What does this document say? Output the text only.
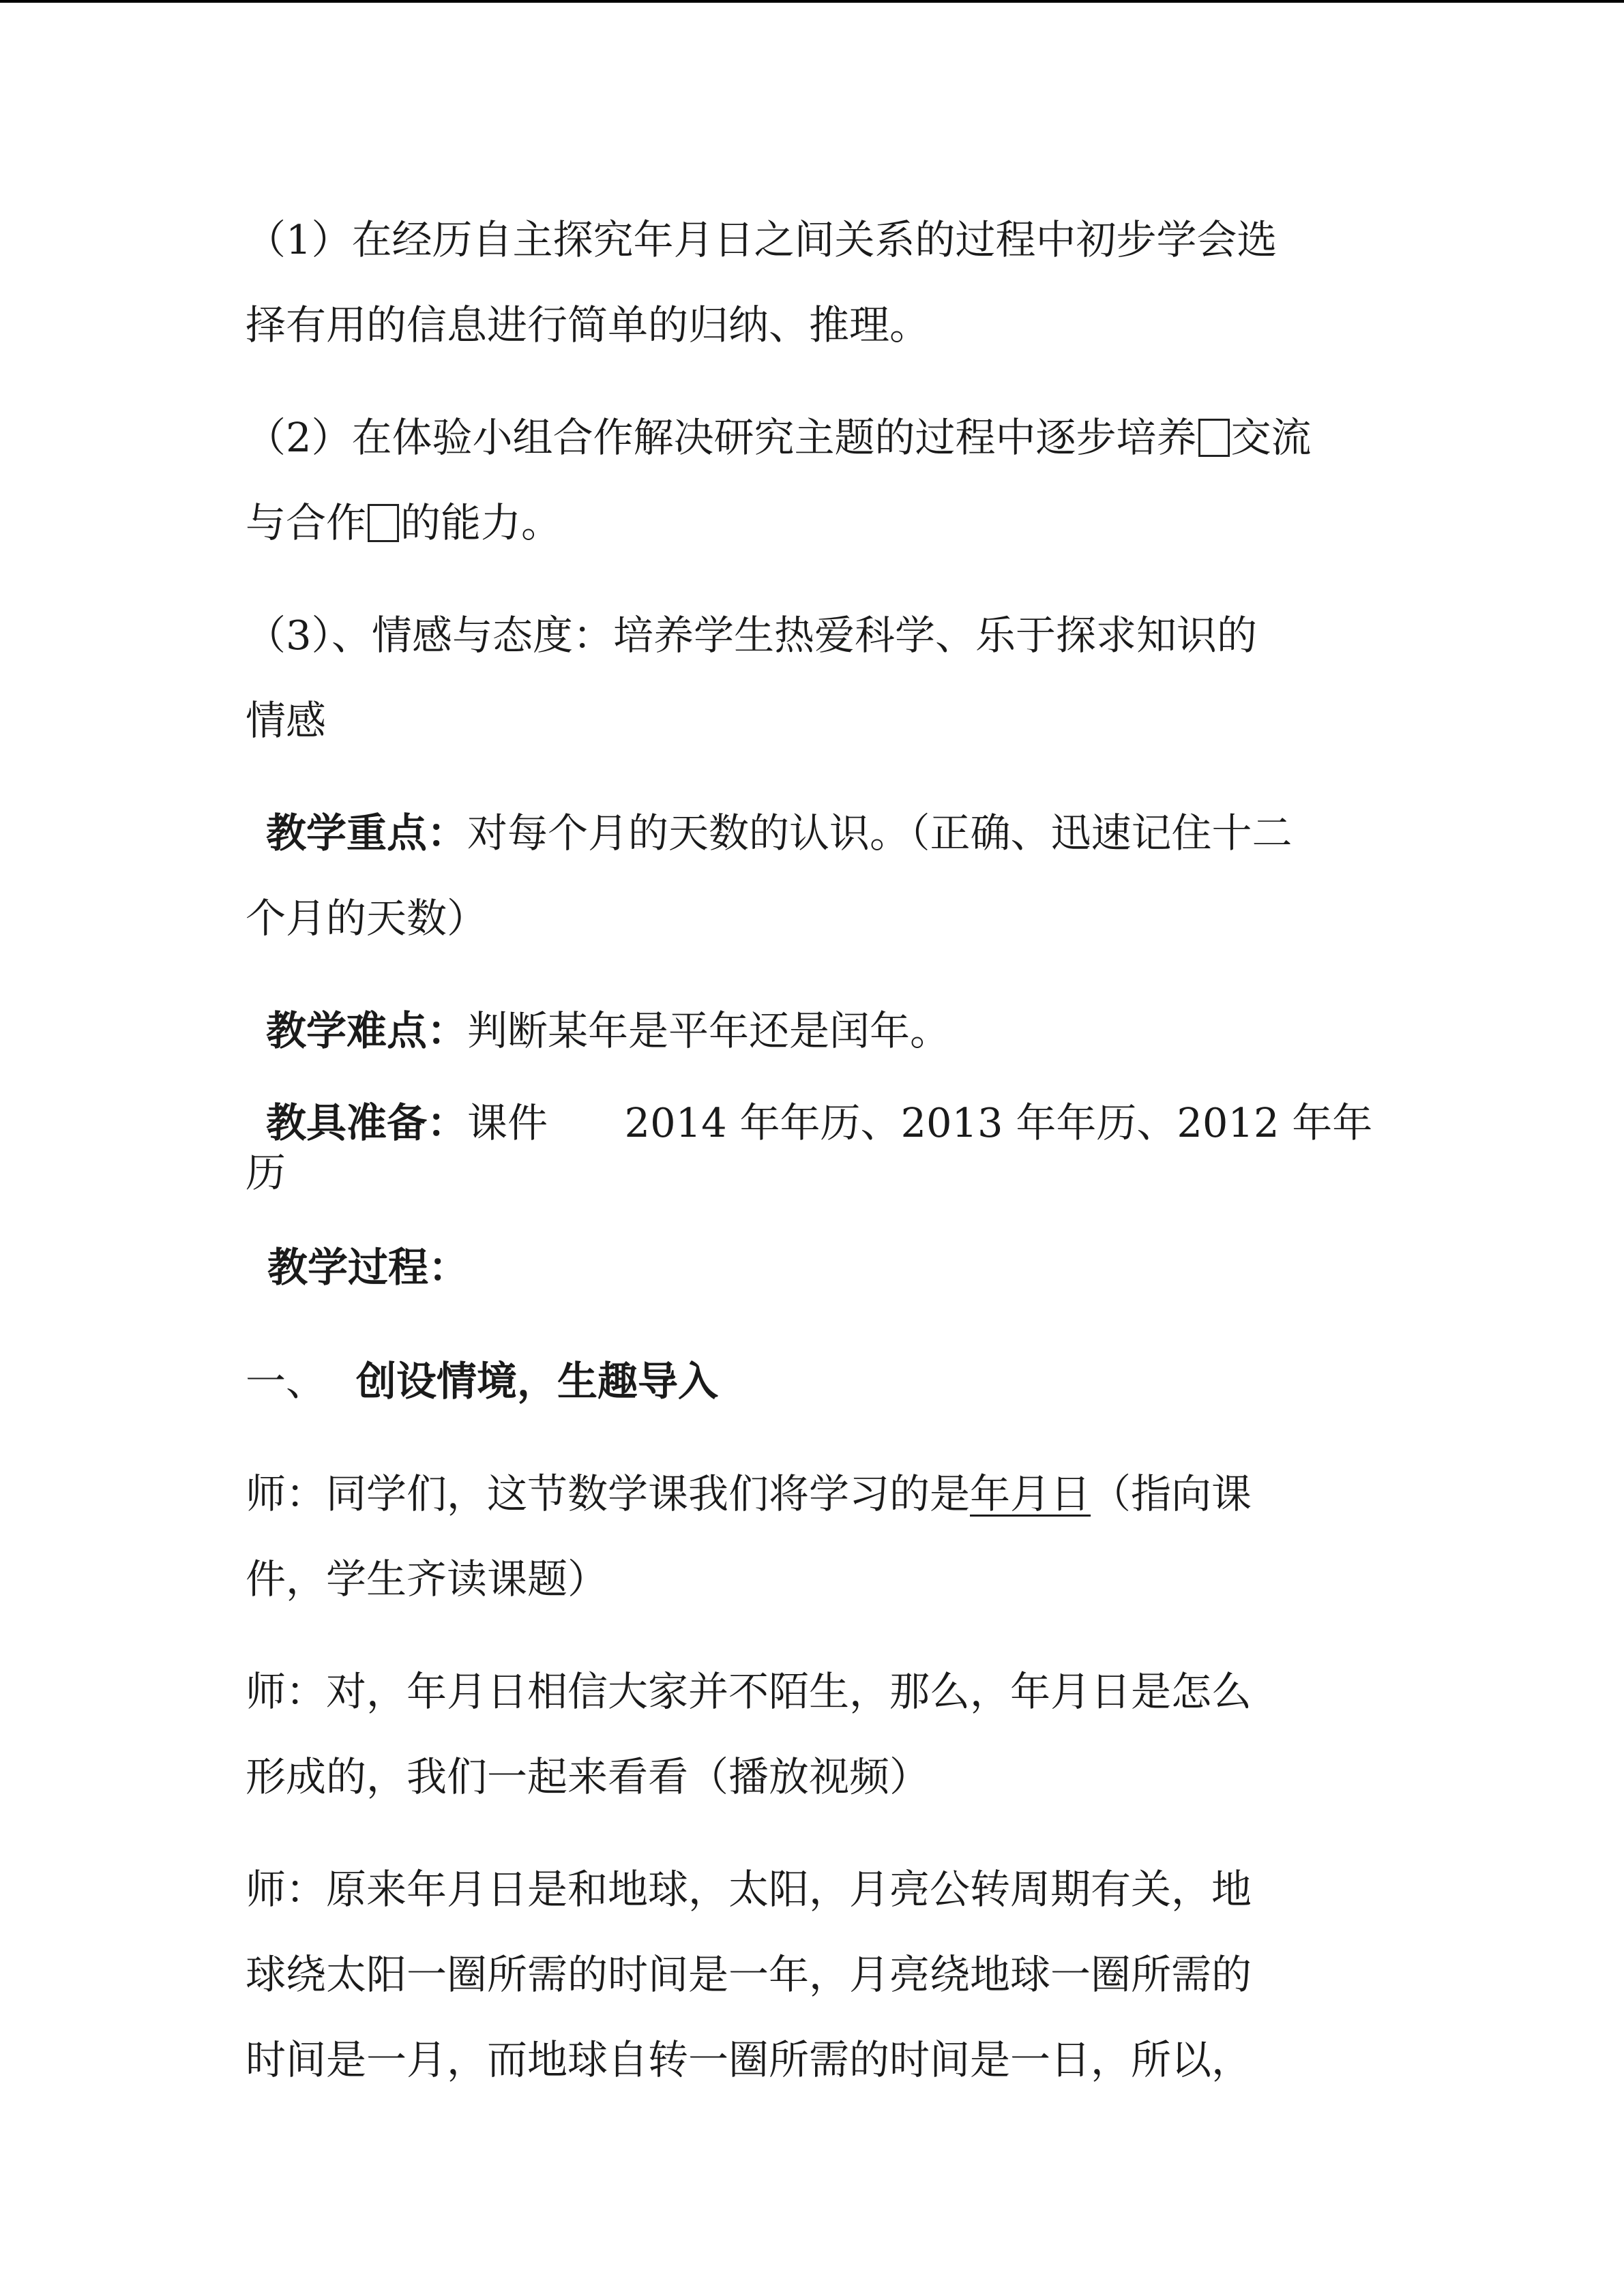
（1）在经历自主探究年月日之间关系的过程中初步学会选
择有用的信息进行简单的归纳、推理。
（2）在体验小组合作解决研究主题的过程中逐步培养 交流
与合作 的能力。
（3）、情感与态度：培养学生热爱科学、乐于探求知识的
情感
教学重点：对每个月的天数的认识。（正确、迅速记住十二
个月的天数）
教学难点：判断某年是平年还是闰年。
教具准备：课件      2014 年年历、2013 年年历、2012 年年
历
教学过程：
一、 创设情境，生趣导入
师：同学们，这节数学课我们将学习的是年月日（指向课
件，学生齐读课题）
师：对，年月日相信大家并不陌生，那么，年月日是怎么
形成的，我们一起来看看（播放视频）
师：原来年月日是和地球，太阳，月亮公转周期有关，地
球绕太阳一圈所需的时间是一年，月亮绕地球一圈所需的
时间是一月，而地球自转一圈所需的时间是一日，所以，
